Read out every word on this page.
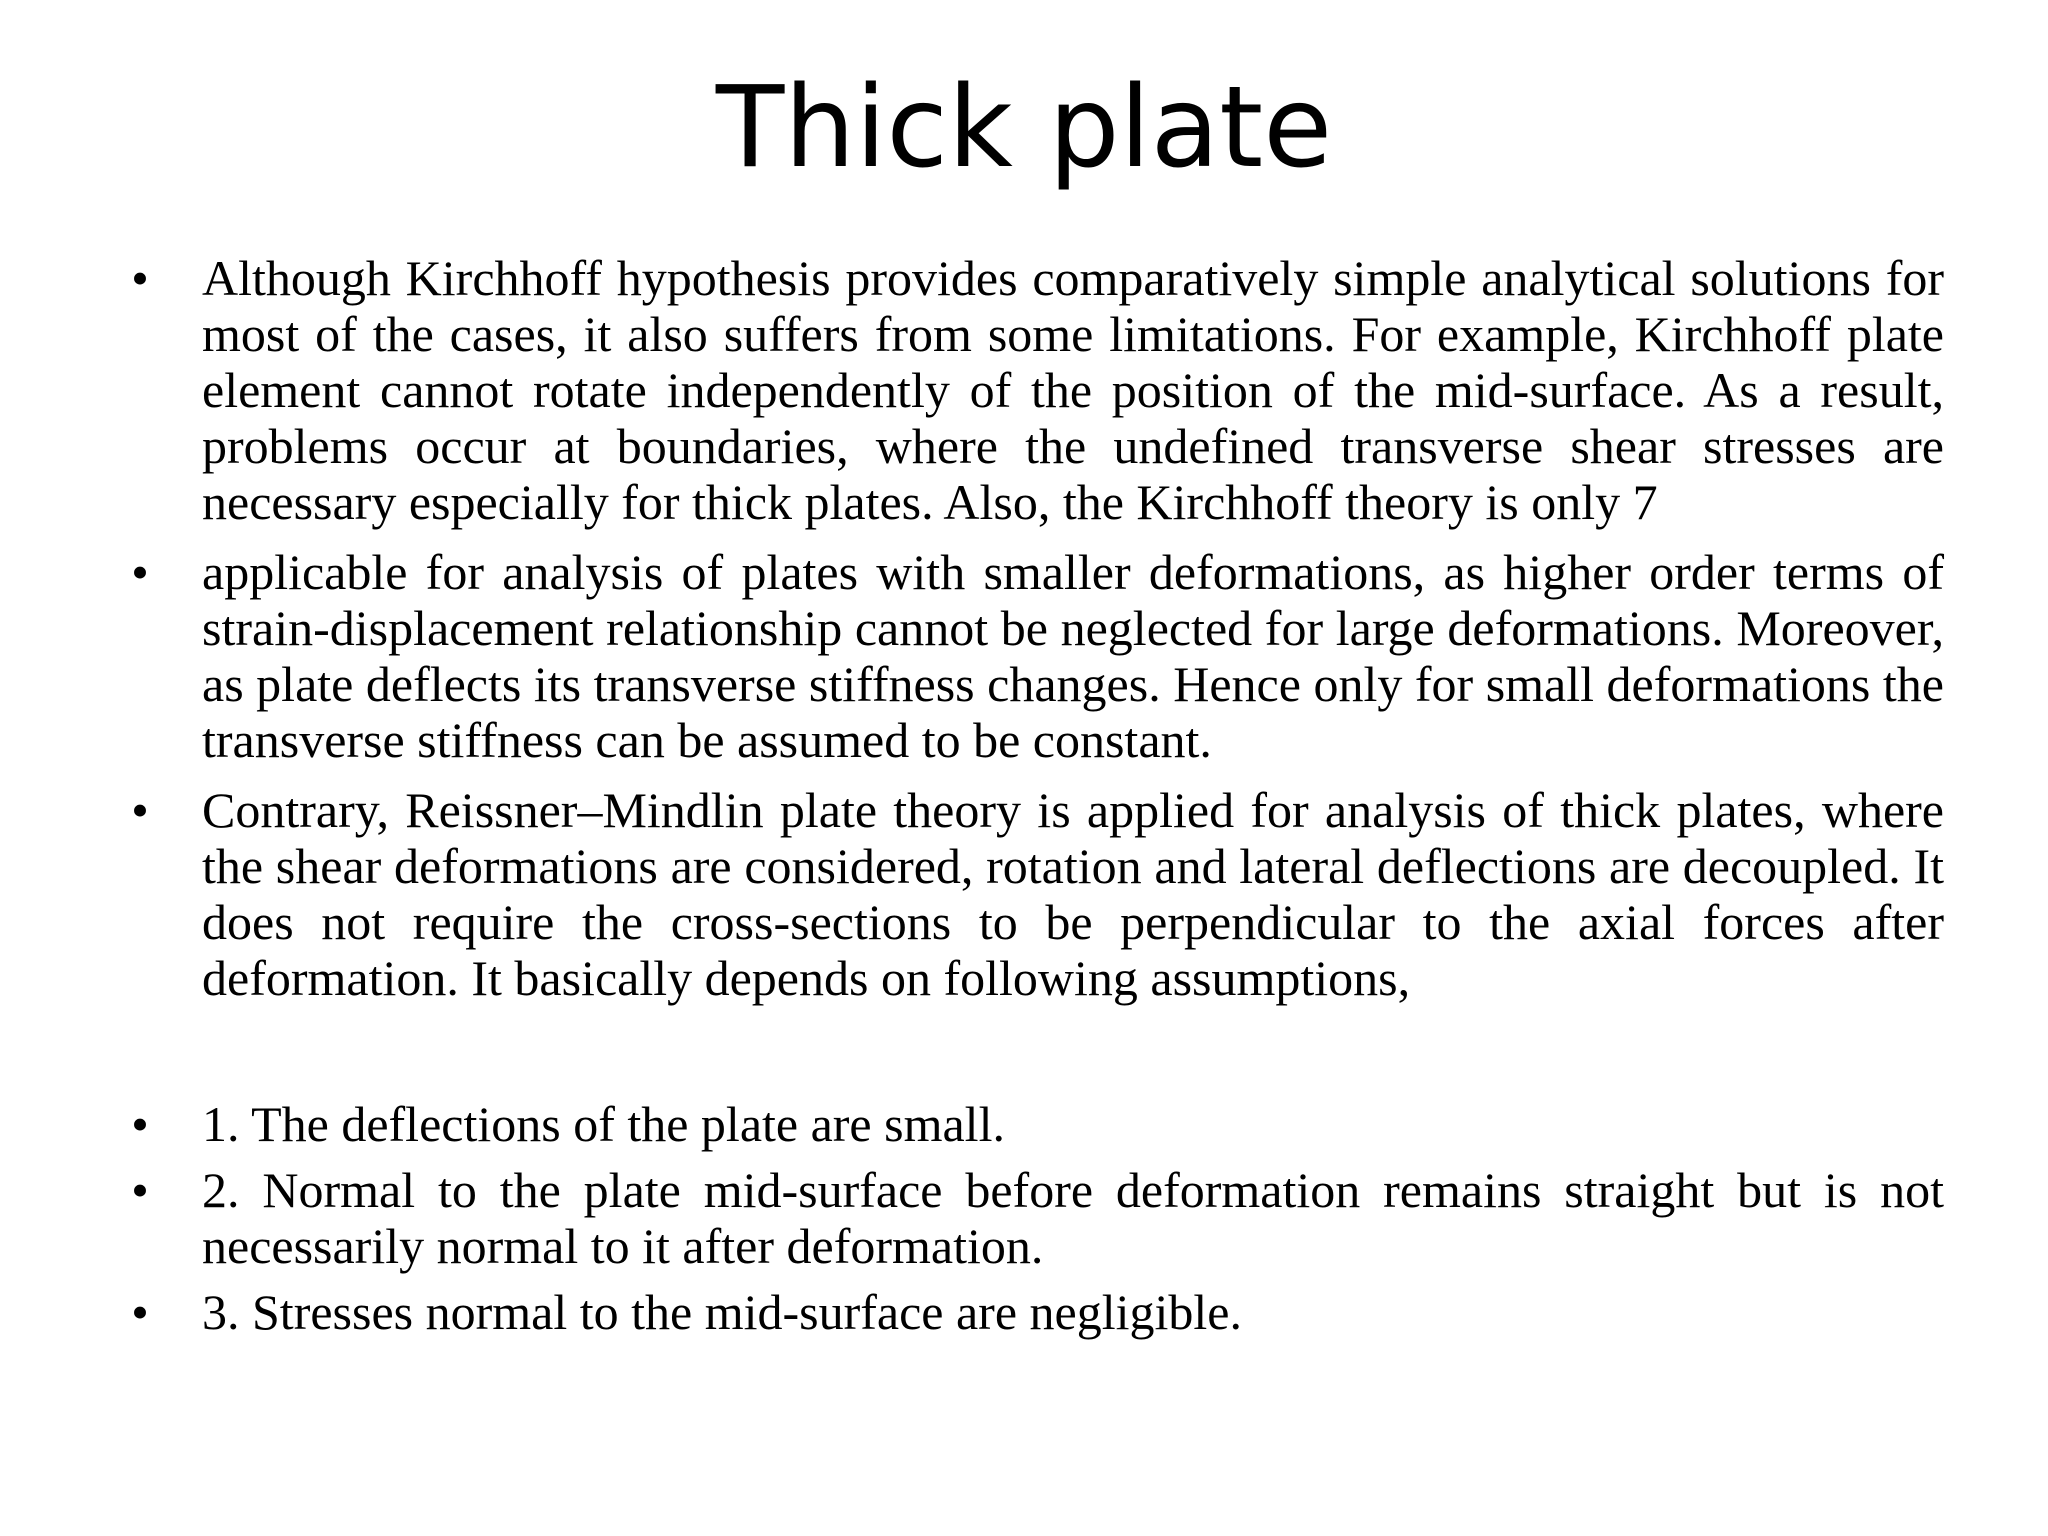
Thick plate
• Although Kirchhoff hypothesis provides comparatively simple analytical solutions for most of the cases, it also suffers from some limitations. For example, Kirchhoff plate element cannot rotate independently of the position of the mid-surface. As a result, problems occur at boundaries, where the undefined transverse shear stresses are necessary especially for thick plates. Also, the Kirchhoff theory is only 7
• applicable for analysis of plates with smaller deformations, as higher order terms of strain-displacement relationship cannot be neglected for large deformations. Moreover, as plate deflects its transverse stiffness changes. Hence only for small deformations the transverse stiffness can be assumed to be constant.
• Contrary, Reissner–Mindlin plate theory is applied for analysis of thick plates, where the shear deformations are considered, rotation and lateral deflections are decoupled. It does not require the cross-sections to be perpendicular to the axial forces after deformation. It basically depends on following assumptions,
• 1. The deflections of the plate are small.
• 2. Normal to the plate mid-surface before deformation remains straight but is not necessarily normal to it after deformation.
• 3. Stresses normal to the mid-surface are negligible.
